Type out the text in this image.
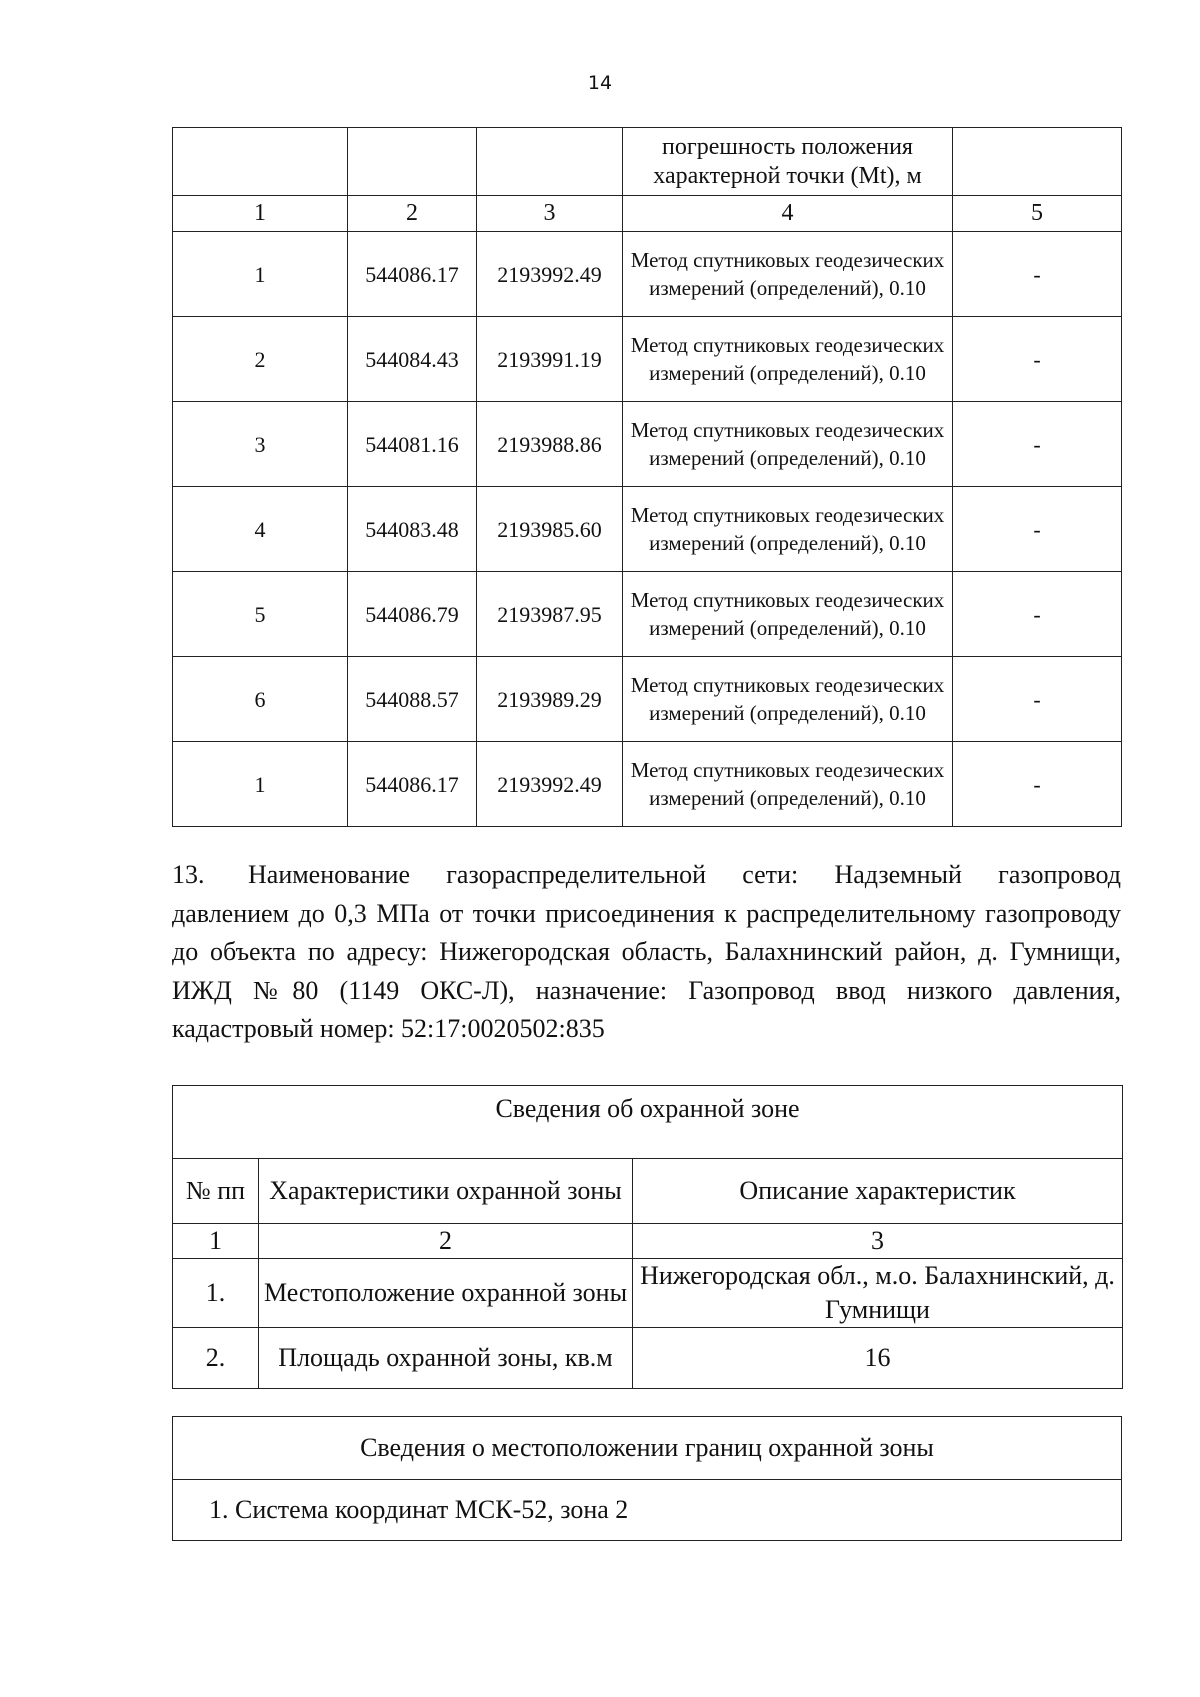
14
			погрешность положения характерной точки (Mt), м	
1	2	3	4	5
1	544086.17	2193992.49	Метод спутниковых геодезических измерений (определений), 0.10	-
2	544084.43	2193991.19	Метод спутниковых геодезических измерений (определений), 0.10	-
3	544081.16	2193988.86	Метод спутниковых геодезических измерений (определений), 0.10	-
4	544083.48	2193985.60	Метод спутниковых геодезических измерений (определений), 0.10	-
5	544086.79	2193987.95	Метод спутниковых геодезических измерений (определений), 0.10	-
6	544088.57	2193989.29	Метод спутниковых геодезических измерений (определений), 0.10	-
1	544086.17	2193992.49	Метод спутниковых геодезических измерений (определений), 0.10	-

13. Наименование газораспределительной сети: Надземный газопровод давлением до 0,3 МПа от точки присоединения к распределительному газопроводу до объекта по адресу: Нижегородская область, Балахнинский район, д. Гумнищи, ИЖД №80 (1149 ОКС-Л), назначение: Газопровод ввод низкого давления, кадастровый номер: 52:17:0020502:835

Сведения об охранной зоне		
№ пп	Характеристики охранной зоны	Описание характеристик
1	2	3
1.	Местоположение охранной зоны	Нижегородская обл., м.о. Балахнинский, д. Гумнищи
2.	Площадь охранной зоны, кв.м	16
Сведения о местоположении границ охранной зоны
1. Система координат МСК-52, зона 2
